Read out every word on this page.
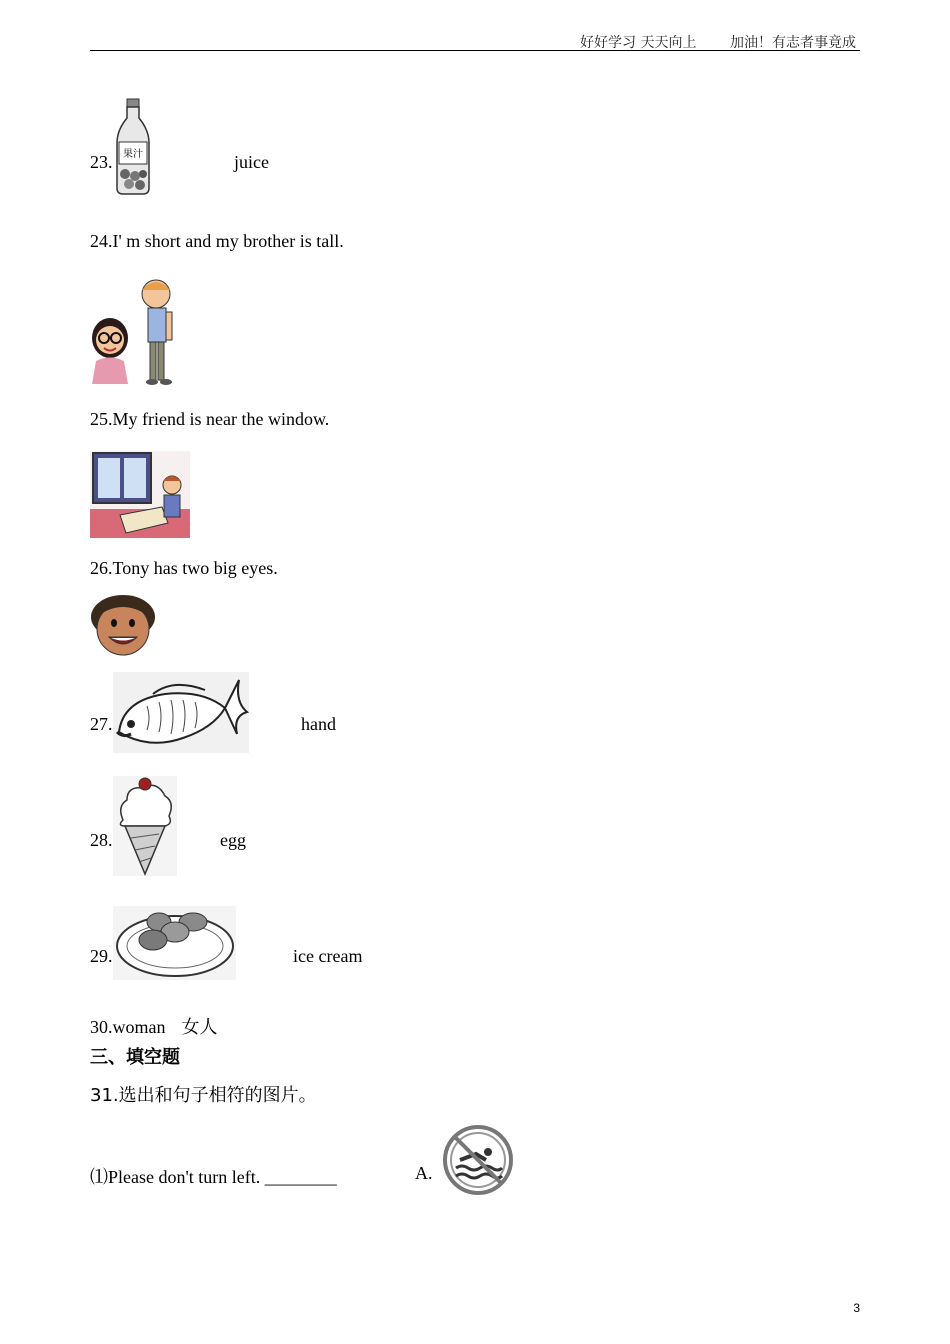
好好学习 天天向上 加油！有志者事竟成
23. 果汁	juice
24.I' m short and my brother is tall.
25.My friend is near the window.
26.Tony has two big eyes.
27.	hand
28.	egg
29.	ice cream
30.woman 女人
三、填空题
31.选出和句子相符的图片。
⑴Please don't turn left. ________	A.
3
